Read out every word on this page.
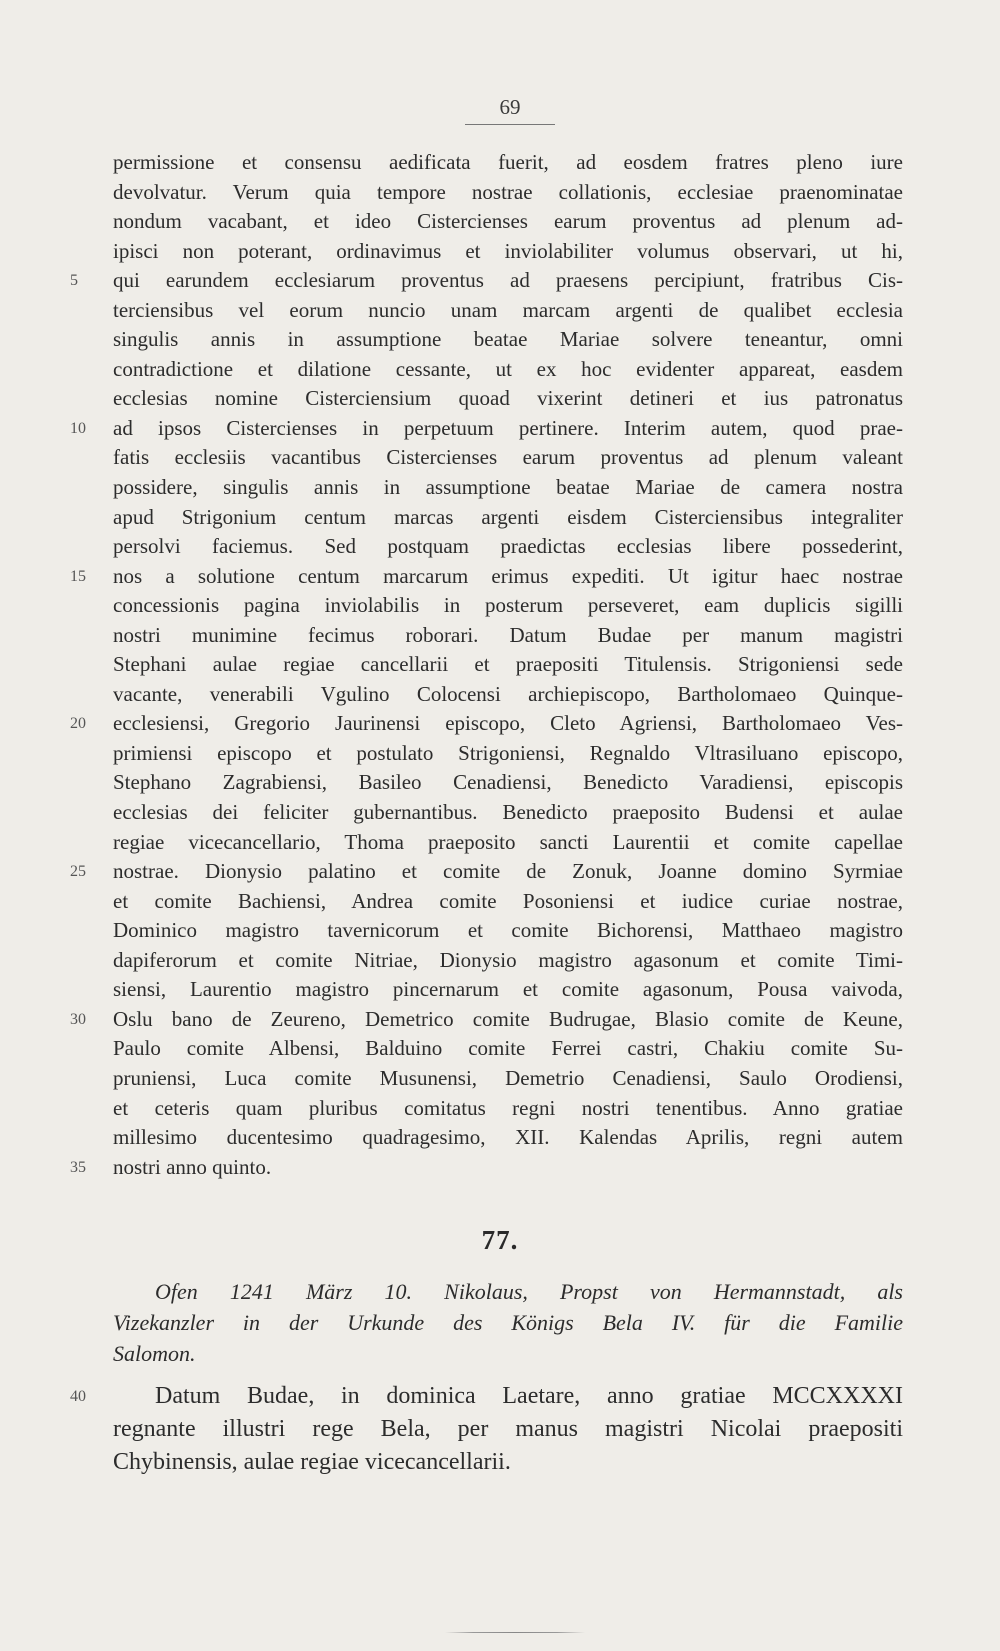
69
permissione et consensu aedificata fuerit, ad eosdem fratres pleno iure
devolvatur. Verum quia tempore nostrae collationis, ecclesiae praenominatae
nondum vacabant, et ideo Cistercienses earum proventus ad plenum ad-
ipisci non poterant, ordinavimus et inviolabiliter volumus observari, ut hi,
5	qui earundem ecclesiarum proventus ad praesens percipiunt, fratribus Cis-
terciensibus vel eorum nuncio unam marcam argenti de qualibet ecclesia
singulis annis in assumptione beatae Mariae solvere teneantur, omni
contradictione et dilatione cessante, ut ex hoc evidenter appareat, easdem
ecclesias nomine Cisterciensium quoad vixerint detineri et ius patronatus
10	ad ipsos Cistercienses in perpetuum pertinere. Interim autem, quod prae-
fatis ecclesiis vacantibus Cistercienses earum proventus ad plenum valeant
possidere, singulis annis in assumptione beatae Mariae de camera nostra
apud Strigonium centum marcas argenti eisdem Cisterciensibus integraliter
persolvi faciemus. Sed postquam praedictas ecclesias libere possederint,
15	nos a solutione centum marcarum erimus expediti. Ut igitur haec nostrae
concessionis pagina inviolabilis in posterum perseveret, eam duplicis sigilli
nostri munimine fecimus roborari. Datum Budae per manum magistri
Stephani aulae regiae cancellarii et praepositi Titulensis. Strigoniensi sede
vacante, venerabili Vgulino Colocensi archiepiscopo, Bartholomaeo Quinque-
20	ecclesiensi, Gregorio Jaurinensi episcopo, Cleto Agriensi, Bartholomaeo Ves-
primiensi episcopo et postulato Strigoniensi, Regnaldo Vltrasiluano episcopo,
Stephano Zagrabiensi, Basileo Cenadiensi, Benedicto Varadiensi, episcopis
ecclesias dei feliciter gubernantibus. Benedicto praeposito Budensi et aulae
regiae vicecancellario, Thoma praeposito sancti Laurentii et comite capellae
25	nostrae. Dionysio palatino et comite de Zonuk, Joanne domino Syrmiae
et comite Bachiensi, Andrea comite Posoniensi et iudice curiae nostrae,
Dominico magistro tavernicorum et comite Bichorensi, Matthaeo magistro
dapiferorum et comite Nitriae, Dionysio magistro agasonum et comite Timi-
siensi, Laurentio magistro pincernarum et comite agasonum, Pousa vaivoda,
30	Oslu bano de Zeureno, Demetrico comite Budrugae, Blasio comite de Keune,
Paulo comite Albensi, Balduino comite Ferrei castri, Chakiu comite Su-
pruniensi, Luca comite Musunensi, Demetrio Cenadiensi, Saulo Orodiensi,
et ceteris quam pluribus comitatus regni nostri tenentibus. Anno gratiae
millesimo ducentesimo quadragesimo, XII. Kalendas Aprilis, regni autem
35	nostri anno quinto.
77.
Ofen 1241 März 10. Nikolaus, Propst von Hermannstadt, als
Vizekanzler in der Urkunde des Königs Bela IV. für die Familie
Salomon.
40	Datum Budae, in dominica Laetare, anno gratiae MCCXXXXI
regnante illustri rege Bela, per manus magistri Nicolai praepositi
Chybinensis, aulae regiae vicecancellarii.
